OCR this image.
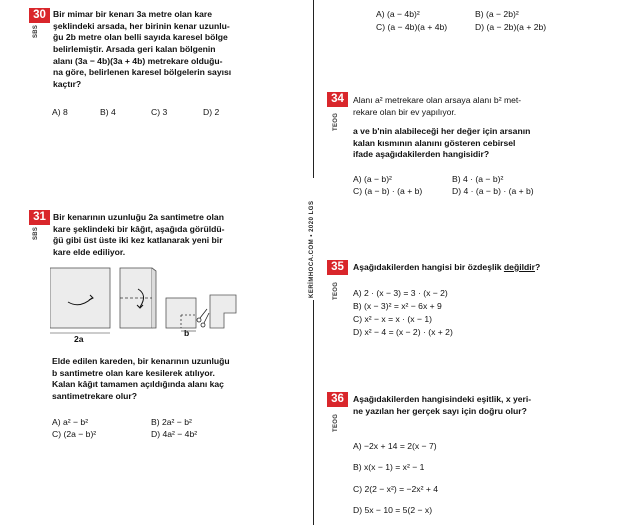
KERİMHOCA.COM • 2020 LGS
30
SBS
Bir mimar bir kenarı 3a metre olan kare
şeklindeki arsada, her birinin kenar uzunlu-
ğu 2b metre olan belli sayıda karesel bölge
belirlemiştir. Arsada geri kalan bölgenin
alanı (3a − 4b)(3a + 4b) metrekare olduğu-
na göre, belirlenen karesel bölgelerin sayısı
kaçtır?
A) 8	B) 4	C) 3	D) 2
31
SBS
Bir kenarının uzunluğu 2a santimetre olan
kare şeklindeki bir kâğıt, aşağıda görüldü-
ğü gibi üst üste iki kez katlanarak yeni bir
kare elde ediliyor.
2a
b
Elde edilen kareden, bir kenarının uzunluğu
b santimetre olan kare kesilerek atılıyor.
Kalan kâğıt tamamen açıldığında alanı kaç
santimetrekare olur?
A) a² − b²	B) 2a² − b²
C) (2a − b)²	D) 4a² − 4b²
A) (a − 4b)²	B) (a − 2b)²
C) (a − 4b)(a + 4b)	D) (a − 2b)(a + 2b)
34
TEOG
Alanı a² metrekare olan arsaya alanı b² met-
rekare olan bir ev yapılıyor.
a ve b'nin alabileceği her değer için arsanın
kalan kısmının alanını gösteren cebirsel
ifade aşağıdakilerden hangisidir?
A) (a − b)²	B) 4 · (a − b)²
C) (a − b) · (a + b)	D) 4 · (a − b) · (a + b)
35
TEOG
Aşağıdakilerden hangisi bir özdeşlik değildir?
A) 2 · (x − 3) = 3 · (x − 2)
B) (x − 3)² = x² − 6x + 9
C) x² − x = x · (x − 1)
D) x² − 4 = (x − 2) · (x + 2)
36
TEOG
Aşağıdakilerden hangisindeki eşitlik, x yeri-
ne yazılan her gerçek sayı için doğru olur?
A) −2x + 14 = 2(x − 7)
B) x(x − 1) = x² − 1
C) 2(2 − x²) = −2x² + 4
D) 5x − 10 = 5(2 − x)
